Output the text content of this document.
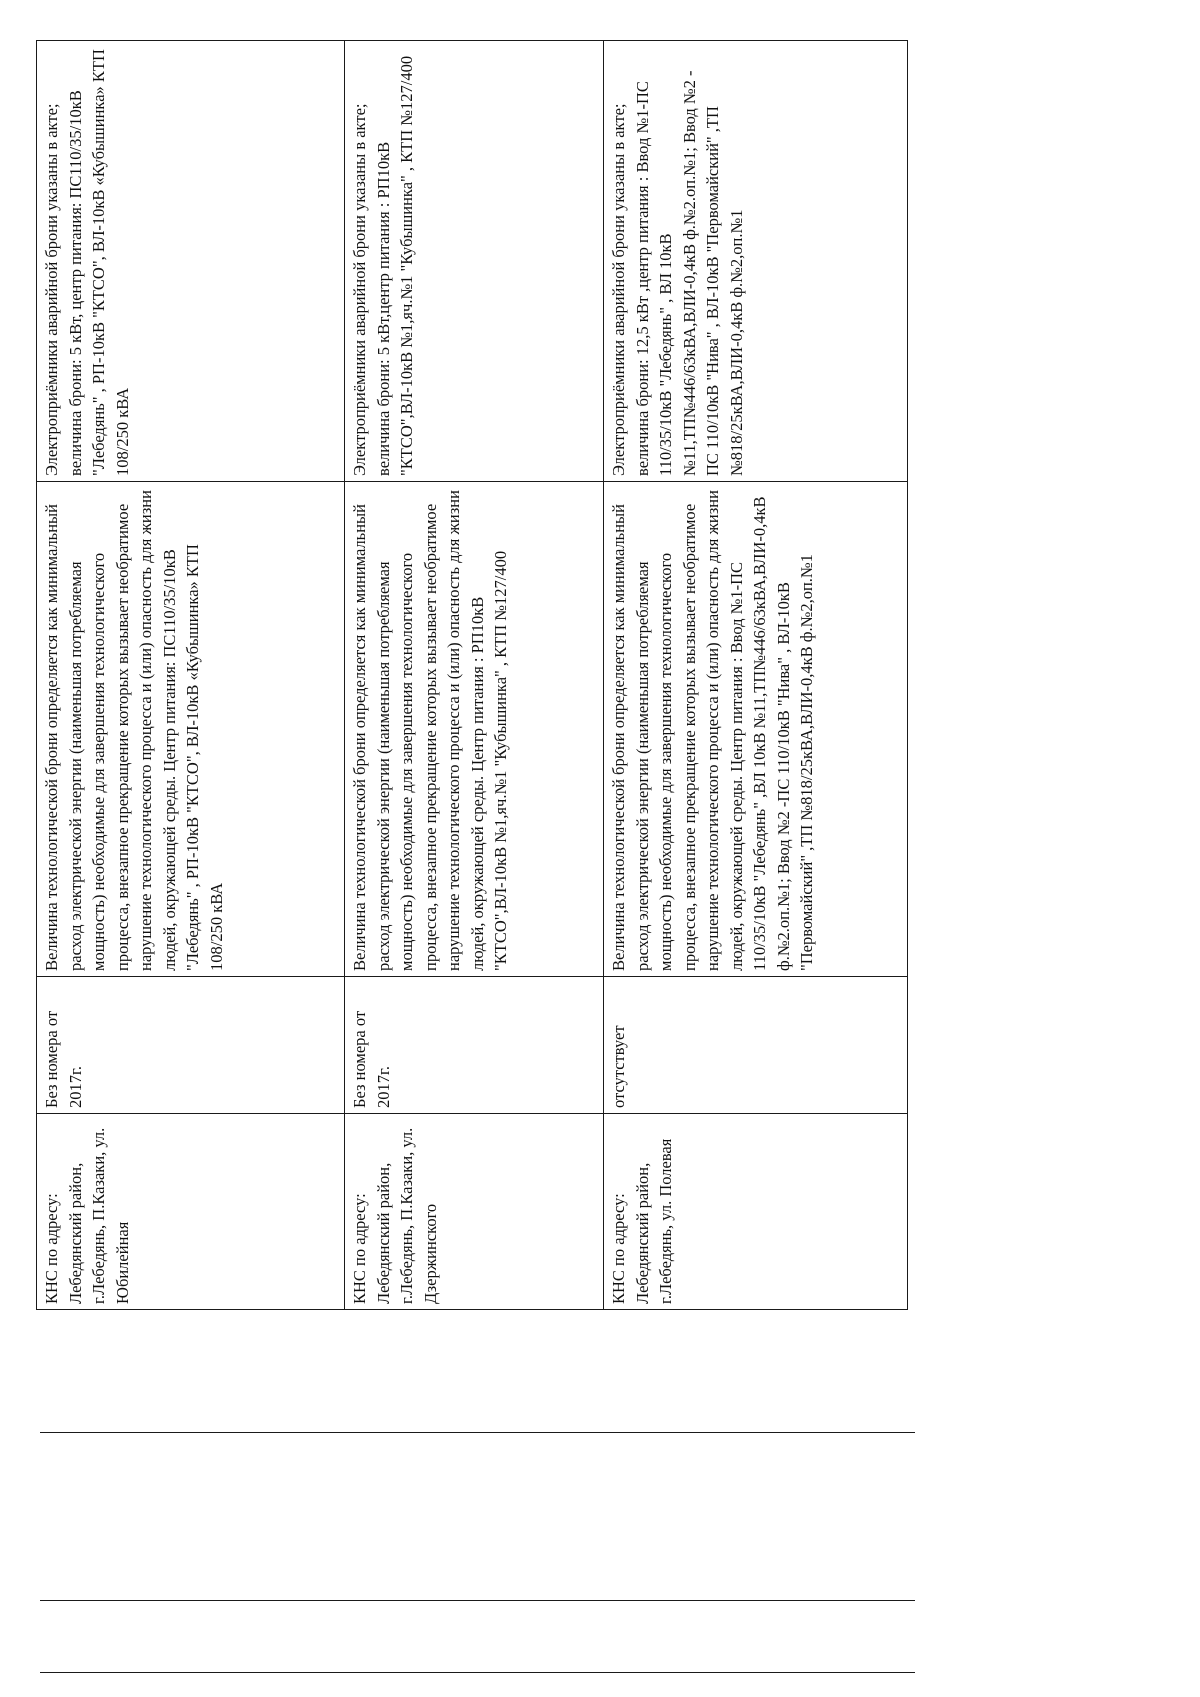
КНС по адресу: Лебедянский район, г.Лебедянь, П.Казаки, ул. Юбилейная
Без номера от 2017г.
Величина технологической брони определяется как минимальный расход электрической энергии (наименьшая потребляемая мощность) необходимые для завершения технологического процесса, внезапное прекращение которых вызывает необратимое нарушение технологического процесса и (или) опасность для жизни людей, окружающей среды. Центр питания: ПС110/35/10кВ "Лебедянь" , РП-10кВ "КТСО", ВЛ-10кВ «Кубышинка» КТП 108/250 кВА
Электроприёмники аварийной брони указаны в акте; величина брони: 5 кВт, центр питания: ПС110/35/10кВ "Лебедянь" , РП-10кВ "КТСО", ВЛ-10кВ «Кубышинка» КТП 108/250 кВА
КНС по адресу: Лебедянский район, г.Лебедянь, П.Казаки, ул. Дзержинского
Без номера от 2017г.
Величина технологической брони определяется как минимальный расход электрической энергии (наименьшая потребляемая мощность) необходимые для завершения технологического процесса, внезапное прекращение которых вызывает необратимое нарушение технологического процесса и (или) опасность для жизни людей, окружающей среды. Центр питания : РП10кВ "КТСО",ВЛ-10кВ №1,яч.№1 "Кубышинка" , КТП №127/400
Электроприёмники аварийной брони указаны в акте; величина брони: 5 кВт,центр питания : РП10кВ "КТСО",ВЛ-10кВ №1,яч.№1 "Кубышинка" , КТП №127/400
КНС по адресу: Лебедянский район, г.Лебедянь, ул. Полевая
отсутствует
Величина технологической брони определяется как минимальный расход электрической энергии (наименьшая потребляемая мощность) необходимые для завершения технологического процесса, внезапное прекращение которых вызывает необратимое нарушение технологического процесса и (или) опасность для жизни людей, окружающей среды. Центр питания : Ввод №1-ПС 110/35/10кВ "Лебедянь" ,ВЛ 10кВ №11,ТП№446/63кВА,ВЛИ-0,4кВ ф.№2.оп.№1; Ввод №2 -ПС 110/10кВ "Нива" , ВЛ-10кВ "Первомайский" ,ТП №818/25кВА,ВЛИ-0,4кВ ф.№2,оп.№1
Электроприёмники аварийной брони указаны в акте; величина брони: 12,5 кВт ,центр питания : Ввод №1-ПС 110/35/10кВ "Лебедянь" , ВЛ 10кВ №11,ТП№446/63кВА,ВЛИ-0,4кВ ф.№2.оп.№1; Ввод №2 - ПС 110/10кВ "Нива" , ВЛ-10кВ "Первомайский" ,ТП №818/25кВА,ВЛИ-0,4кВ ф.№2,оп.№1
